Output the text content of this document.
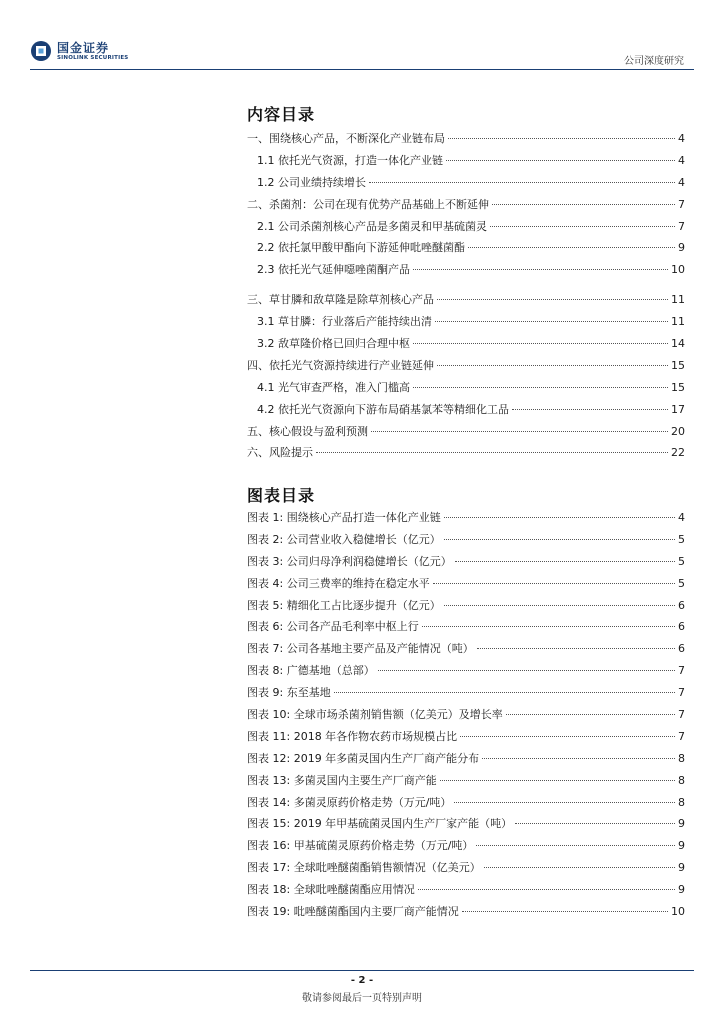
国金证券
SINOLINK SECURITIES	公司深度研究
内容目录
一、围绕核心产品，不断深化产业链布局	4
1.1 依托光气资源，打造一体化产业链	4
1.2 公司业绩持续增长	4
二、杀菌剂：公司在现有优势产品基础上不断延伸	7
2.1 公司杀菌剂核心产品是多菌灵和甲基硫菌灵	7
2.2 依托氯甲酸甲酯向下游延伸吡唑醚菌酯	9
2.3 依托光气延伸噁唑菌酮产品	10
三、草甘膦和敌草隆是除草剂核心产品	11
3.1 草甘膦：行业落后产能持续出清	11
3.2 敌草隆价格已回归合理中枢	14
四、依托光气资源持续进行产业链延伸	15
4.1 光气审查严格，准入门槛高	15
4.2 依托光气资源向下游布局硝基氯苯等精细化工品	17
五、核心假设与盈利预测	20
六、风险提示	22
图表目录
图表 1: 围绕核心产品打造一体化产业链	4
图表 2: 公司营业收入稳健增长（亿元）	5
图表 3: 公司归母净利润稳健增长（亿元）	5
图表 4: 公司三费率的维持在稳定水平	5
图表 5: 精细化工占比逐步提升（亿元）	6
图表 6: 公司各产品毛利率中枢上行	6
图表 7: 公司各基地主要产品及产能情况（吨）	6
图表 8: 广德基地（总部）	7
图表 9: 东至基地	7
图表 10: 全球市场杀菌剂销售额（亿美元）及增长率	7
图表 11: 2018 年各作物农药市场规模占比	7
图表 12: 2019 年多菌灵国内生产厂商产能分布	8
图表 13: 多菌灵国内主要生产厂商产能	8
图表 14: 多菌灵原药价格走势（万元/吨）	8
图表 15: 2019 年甲基硫菌灵国内生产厂家产能（吨）	9
图表 16: 甲基硫菌灵原药价格走势（万元/吨）	9
图表 17: 全球吡唑醚菌酯销售额情况（亿美元）	9
图表 18: 全球吡唑醚菌酯应用情况	9
图表 19: 吡唑醚菌酯国内主要厂商产能情况	10
- 2 -
敬请参阅最后一页特别声明
